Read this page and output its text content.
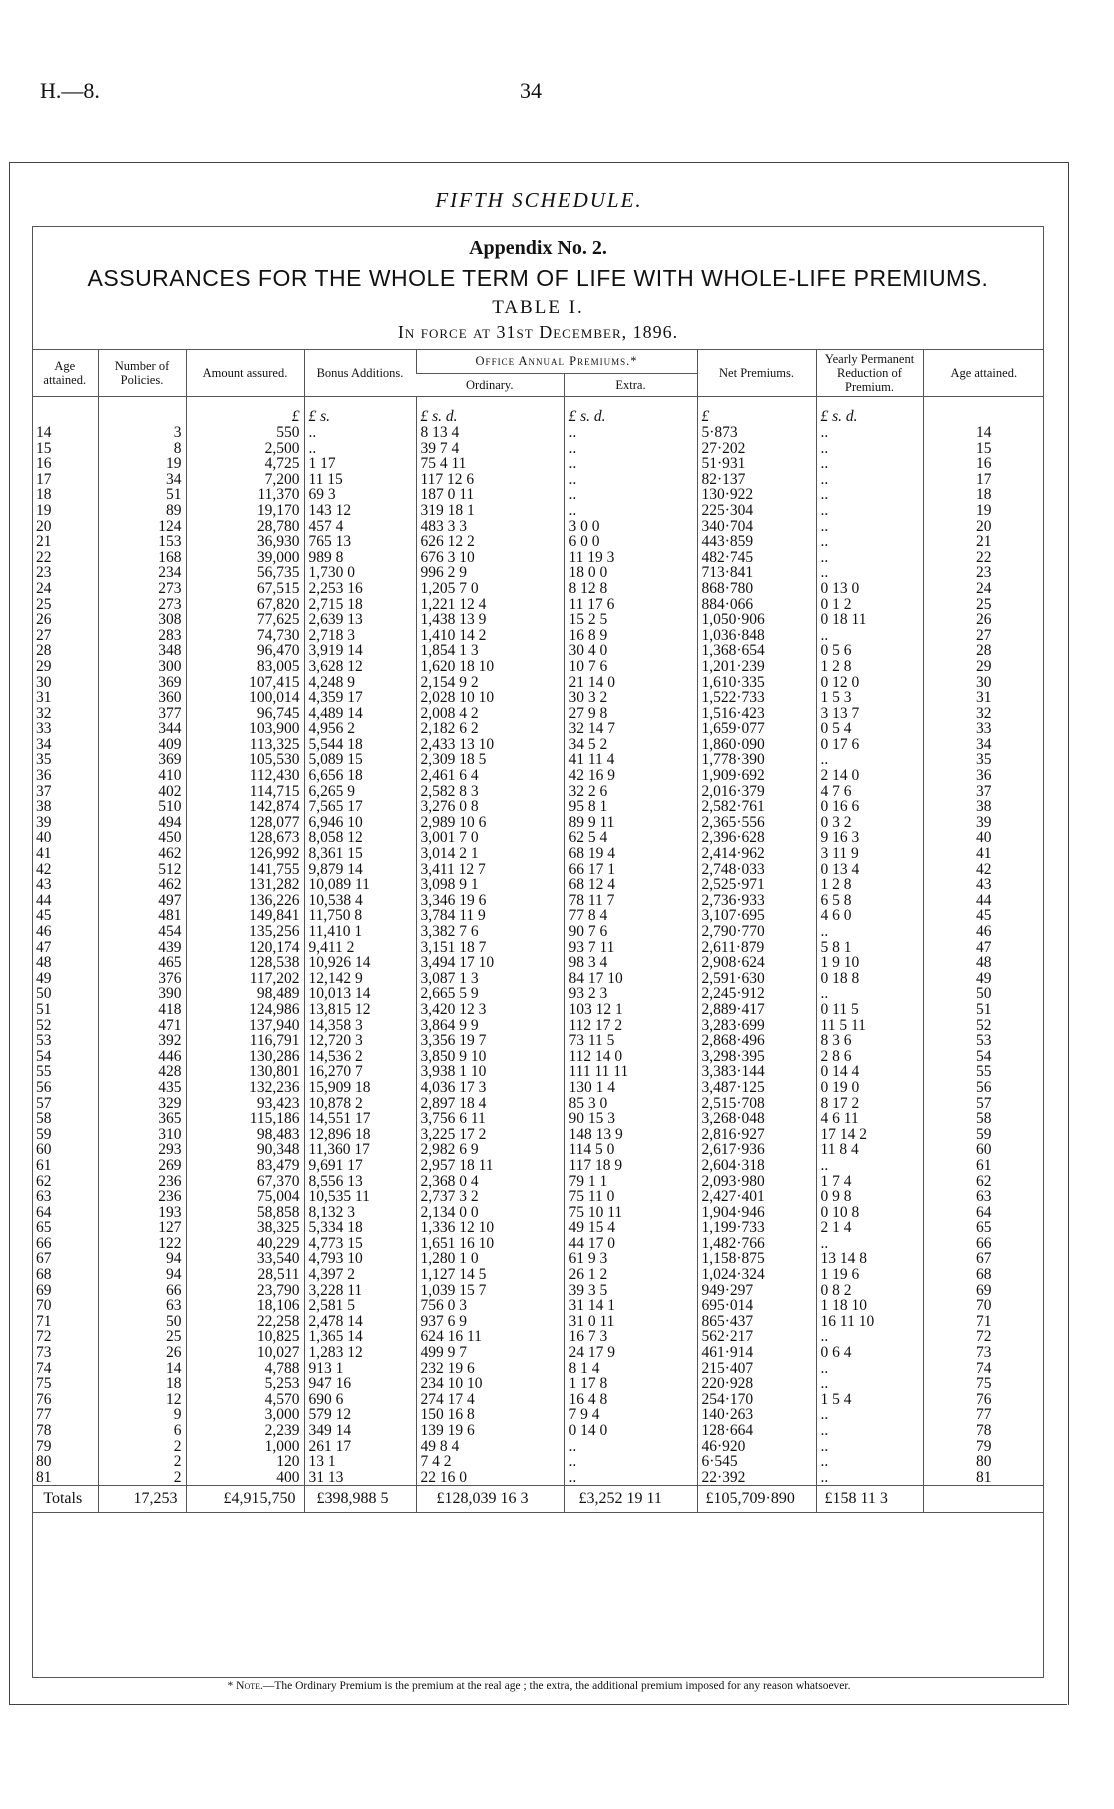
H.—8.	34
FIFTH SCHEDULE.
Appendix No. 2.
ASSURANCES FOR THE WHOLE TERM OF LIFE WITH WHOLE-LIFE PREMIUMS.
TABLE I.
In force at 31st December, 1896.
Age attained.	Number of Policies.	Amount assured.	Bonus Additions.	Office Annual Premiums.*		Net Premiums.	Yearly Permanent Reduction of Premium.	Age attained.
				Ordinary.	Extra.			
		£	£ s.	£ s. d.	£ s. d.	£	£ s. d.	
14	3	550	..	8 13 4	..	5·873	..	14
15	8	2,500	..	39 7 4	..	27·202	..	15
16	19	4,725	1 17	75 4 11	..	51·931	..	16
17	34	7,200	11 15	117 12 6	..	82·137	..	17
18	51	11,370	69 3	187 0 11	..	130·922	..	18
19	89	19,170	143 12	319 18 1	..	225·304	..	19
20	124	28,780	457 4	483 3 3	3 0 0	340·704	..	20
21	153	36,930	765 13	626 12 2	6 0 0	443·859	..	21
22	168	39,000	989 8	676 3 10	11 19 3	482·745	..	22
23	234	56,735	1,730 0	996 2 9	18 0 0	713·841	..	23
24	273	67,515	2,253 16	1,205 7 0	8 12 8	868·780	0 13 0	24
25	273	67,820	2,715 18	1,221 12 4	11 17 6	884·066	0 1 2	25
26	308	77,625	2,639 13	1,438 13 9	15 2 5	1,050·906	0 18 11	26
27	283	74,730	2,718 3	1,410 14 2	16 8 9	1,036·848	..	27
28	348	96,470	3,919 14	1,854 1 3	30 4 0	1,368·654	0 5 6	28
29	300	83,005	3,628 12	1,620 18 10	10 7 6	1,201·239	1 2 8	29
30	369	107,415	4,248 9	2,154 9 2	21 14 0	1,610·335	0 12 0	30
31	360	100,014	4,359 17	2,028 10 10	30 3 2	1,522·733	1 5 3	31
32	377	96,745	4,489 14	2,008 4 2	27 9 8	1,516·423	3 13 7	32
33	344	103,900	4,956 2	2,182 6 2	32 14 7	1,659·077	0 5 4	33
34	409	113,325	5,544 18	2,433 13 10	34 5 2	1,860·090	0 17 6	34
35	369	105,530	5,089 15	2,309 18 5	41 11 4	1,778·390	..	35
36	410	112,430	6,656 18	2,461 6 4	42 16 9	1,909·692	2 14 0	36
37	402	114,715	6,265 9	2,582 8 3	32 2 6	2,016·379	4 7 6	37
38	510	142,874	7,565 17	3,276 0 8	95 8 1	2,582·761	0 16 6	38
39	494	128,077	6,946 10	2,989 10 6	89 9 11	2,365·556	0 3 2	39
40	450	128,673	8,058 12	3,001 7 0	62 5 4	2,396·628	9 16 3	40
41	462	126,992	8,361 15	3,014 2 1	68 19 4	2,414·962	3 11 9	41
42	512	141,755	9,879 14	3,411 12 7	66 17 1	2,748·033	0 13 4	42
43	462	131,282	10,089 11	3,098 9 1	68 12 4	2,525·971	1 2 8	43
44	497	136,226	10,538 4	3,346 19 6	78 11 7	2,736·933	6 5 8	44
45	481	149,841	11,750 8	3,784 11 9	77 8 4	3,107·695	4 6 0	45
46	454	135,256	11,410 1	3,382 7 6	90 7 6	2,790·770	..	46
47	439	120,174	9,411 2	3,151 18 7	93 7 11	2,611·879	5 8 1	47
48	465	128,538	10,926 14	3,494 17 10	98 3 4	2,908·624	1 9 10	48
49	376	117,202	12,142 9	3,087 1 3	84 17 10	2,591·630	0 18 8	49
50	390	98,489	10,013 14	2,665 5 9	93 2 3	2,245·912	..	50
51	418	124,986	13,815 12	3,420 12 3	103 12 1	2,889·417	0 11 5	51
52	471	137,940	14,358 3	3,864 9 9	112 17 2	3,283·699	11 5 11	52
53	392	116,791	12,720 3	3,356 19 7	73 11 5	2,868·496	8 3 6	53
54	446	130,286	14,536 2	3,850 9 10	112 14 0	3,298·395	2 8 6	54
55	428	130,801	16,270 7	3,938 1 10	111 11 11	3,383·144	0 14 4	55
56	435	132,236	15,909 18	4,036 17 3	130 1 4	3,487·125	0 19 0	56
57	329	93,423	10,878 2	2,897 18 4	85 3 0	2,515·708	8 17 2	57
58	365	115,186	14,551 17	3,756 6 11	90 15 3	3,268·048	4 6 11	58
59	310	98,483	12,896 18	3,225 17 2	148 13 9	2,816·927	17 14 2	59
60	293	90,348	11,360 17	2,982 6 9	114 5 0	2,617·936	11 8 4	60
61	269	83,479	9,691 17	2,957 18 11	117 18 9	2,604·318	..	61
62	236	67,370	8,556 13	2,368 0 4	79 1 1	2,093·980	1 7 4	62
63	236	75,004	10,535 11	2,737 3 2	75 11 0	2,427·401	0 9 8	63
64	193	58,858	8,132 3	2,134 0 0	75 10 11	1,904·946	0 10 8	64
65	127	38,325	5,334 18	1,336 12 10	49 15 4	1,199·733	2 1 4	65
66	122	40,229	4,773 15	1,651 16 10	44 17 0	1,482·766	..	66
67	94	33,540	4,793 10	1,280 1 0	61 9 3	1,158·875	13 14 8	67
68	94	28,511	4,397 2	1,127 14 5	26 1 2	1,024·324	1 19 6	68
69	66	23,790	3,228 11	1,039 15 7	39 3 5	949·297	0 8 2	69
70	63	18,106	2,581 5	756 0 3	31 14 1	695·014	1 18 10	70
71	50	22,258	2,478 14	937 6 9	31 0 11	865·437	16 11 10	71
72	25	10,825	1,365 14	624 16 11	16 7 3	562·217	..	72
73	26	10,027	1,283 12	499 9 7	24 17 9	461·914	0 6 4	73
74	14	4,788	913 1	232 19 6	8 1 4	215·407	..	74
75	18	5,253	947 16	234 10 10	1 17 8	220·928	..	75
76	12	4,570	690 6	274 17 4	16 4 8	254·170	1 5 4	76
77	9	3,000	579 12	150 16 8	7 9 4	140·263	..	77
78	6	2,239	349 14	139 19 6	0 14 0	128·664	..	78
79	2	1,000	261 17	49 8 4	..	46·920	..	79
80	2	120	13 1	7 4 2	..	6·545	..	80
81	2	400	31 13	22 16 0	..	22·392	..	81
Totals	17,253	£4,915,750	£398,988 5	£128,039 16 3	£3,252 19 11	£105,709·890	£158 11 3	
* Note.—The Ordinary Premium is the premium at the real age ; the extra, the additional premium imposed for any reason whatsoever.
